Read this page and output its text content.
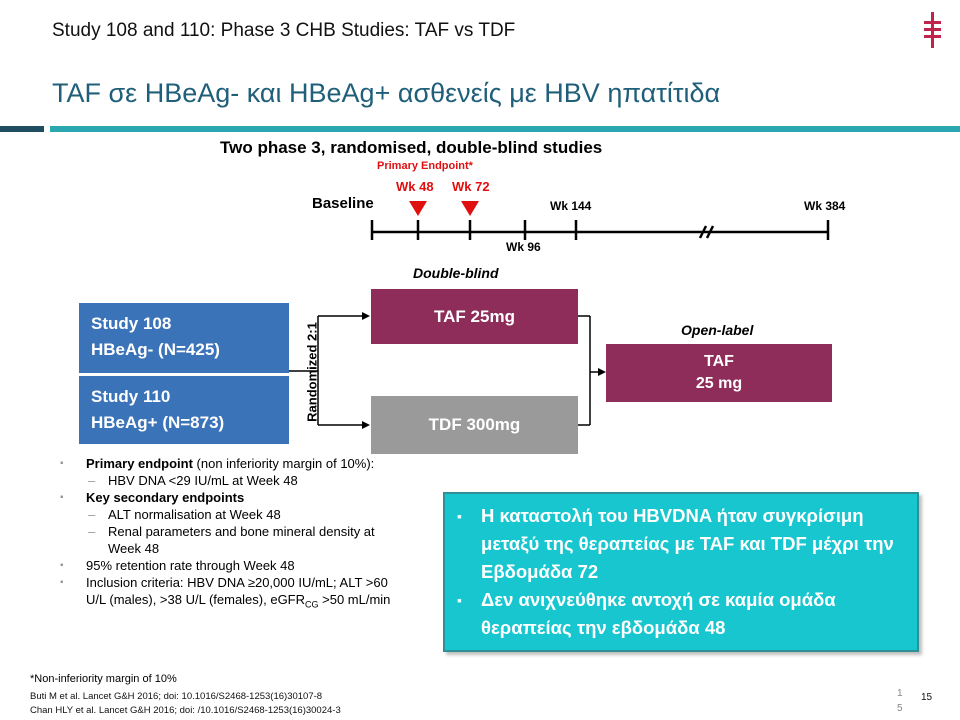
Study 108 and 110: Phase 3 CHB Studies: TAF vs TDF
TAF σε HBeAg- και HBeAg+ ασθενείς με HBV ηπατίτιδα
Two phase 3, randomised, double-blind studies
Primary Endpoint*
Wk 48 Wk 72
Baseline	Wk 144	Wk 384
Wk 96
Study 108
HBeAg- (N=425)
Study 110
HBeAg+ (N=873)
Randomized 2:1
Double-blind
TAF 25mg
TDF 300mg
Open-label
TAF
25 mg
▪ Primary endpoint (non inferiority margin of 10%):
– HBV DNA <29 IU/mL at Week 48
▪ Key secondary endpoints
– ALT normalisation at Week 48
– Renal parameters and bone mineral density at Week 48
▪ 95% retention rate through Week 48
▪ Inclusion criteria: HBV DNA ≥20,000 IU/mL; ALT >60 U/L (males), >38 U/L (females), eGFR$_{CG}$ >50 mL/min
▪ Η καταστολή του HBVDNA ήταν συγκρίσιμη μεταξύ της θεραπείας με TAF και TDF μέχρι την Εβδομάδα 72
▪ Δεν ανιχνεύθηκε αντοχή σε καμία ομάδα θεραπείας την εβδομάδα 48
*Non-inferiority margin of 10%
Buti M et al. Lancet G&H 2016; doi: 10.1016/S2468-1253(16)30107-8
Chan HLY et al. Lancet G&H 2016; doi: /10.1016/S2468-1253(16)30024-3
1
5
15
